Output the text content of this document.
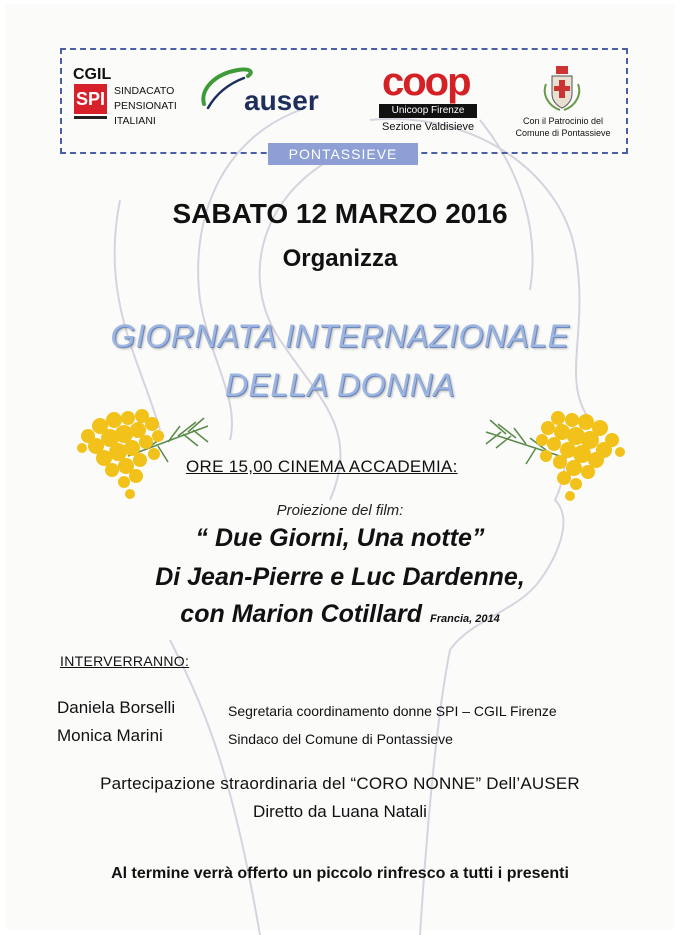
CGIL
SPI SINDACATO
PENSIONATI
ITALIANI
auser coop
Unicoop Firenze
Sezione Valdisieve	Con il Patrocinio del
Comune di Pontassieve
PONTASSIEVE
SABATO 12 MARZO 2016
Organizza
GIORNATA INTERNAZIONALE
DELLA DONNA
ORE 15,00 CINEMA ACCADEMIA:
Proiezione del film:
“ Due Giorni, Una notte”
Di Jean-Pierre e Luc Dardenne,
con Marion Cotillard Francia, 2014
INTERVERRANNO:
Daniela Borselli	Segretaria coordinamento donne SPI – CGIL Firenze
Monica Marini	Sindaco del Comune di Pontassieve
Partecipazione straordinaria del “CORO NONNE” Dell’AUSER
Diretto da Luana Natali
Al termine verrà offerto un piccolo rinfresco a tutti i presenti
